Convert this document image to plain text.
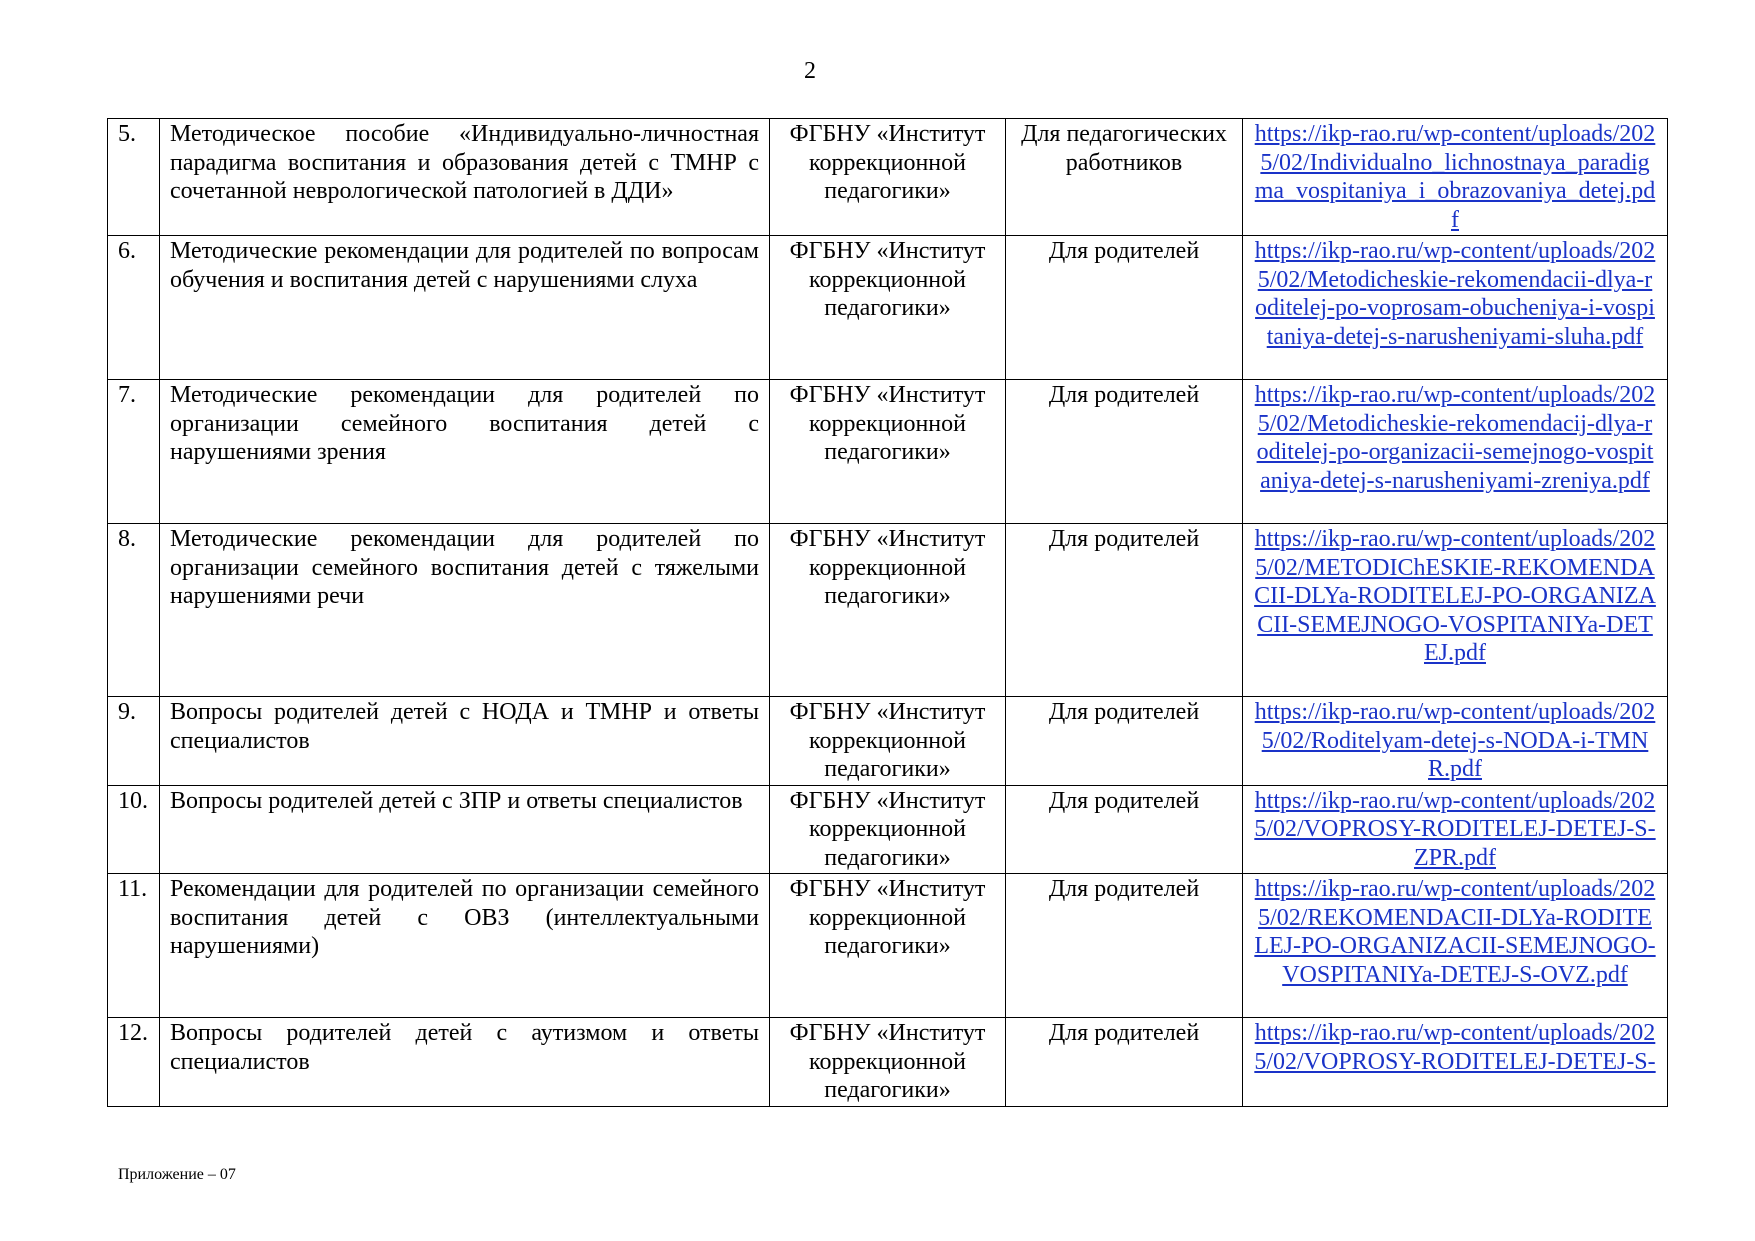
2
5.	Методическое пособие «Индивидуально-личностная парадигма воспитания и образования детей с ТМНР с сочетанной неврологической патологией в ДДИ»	ФГБНУ «Институт коррекционной педагогики»	Для педагогических работников	https://ikp-rao.ru/wp-content/uploads/2025/02/Individualno_lichnostnaya_paradigma_vospitaniya_i_obrazovaniya_detej.pdf
6.	Методические рекомендации для родителей по вопросам обучения и воспитания детей с нарушениями слуха	ФГБНУ «Институт коррекционной педагогики»	Для родителей	https://ikp-rao.ru/wp-content/uploads/2025/02/Metodicheskie-rekomendacii-dlya-roditelej-po-voprosam-obucheniya-i-vospitaniya-detej-s-narusheniyami-sluha.pdf
7.	Методические рекомендации для родителей по организации семейного воспитания детей с нарушениями зрения	ФГБНУ «Институт коррекционной педагогики»	Для родителей	https://ikp-rao.ru/wp-content/uploads/2025/02/Metodicheskie-rekomendacij-dlya-roditelej-po-organizacii-semejnogo-vospitaniya-detej-s-narusheniyami-zreniya.pdf
8.	Методические рекомендации для родителей по организации семейного воспитания детей с тяжелыми нарушениями речи	ФГБНУ «Институт коррекционной педагогики»	Для родителей	https://ikp-rao.ru/wp-content/uploads/2025/02/METODIChESKIE-REKOMENDACII-DLYa-RODITELEJ-PO-ORGANIZACII-SEMEJNOGO-VOSPITANIYa-DETEJ.pdf
9.	Вопросы родителей детей с НОДА и ТМНР и ответы специалистов	ФГБНУ «Институт коррекционной педагогики»	Для родителей	https://ikp-rao.ru/wp-content/uploads/2025/02/Roditelyam-detej-s-NODA-i-TMNR.pdf
10.	Вопросы родителей детей с ЗПР и ответы специалистов	ФГБНУ «Институт коррекционной педагогики»	Для родителей	https://ikp-rao.ru/wp-content/uploads/2025/02/VOPROSY-RODITELEJ-DETEJ-S-ZPR.pdf
11.	Рекомендации для родителей по организации семейного воспитания детей с ОВЗ (интеллектуальными нарушениями)	ФГБНУ «Институт коррекционной педагогики»	Для родителей	https://ikp-rao.ru/wp-content/uploads/2025/02/REKOMENDACII-DLYa-RODITELEJ-PO-ORGANIZACII-SEMEJNOGO-VOSPITANIYa-DETEJ-S-OVZ.pdf
12.	Вопросы родителей детей с аутизмом и ответы специалистов	ФГБНУ «Институт коррекционной педагогики»	Для родителей	https://ikp-rao.ru/wp-content/uploads/2025/02/VOPROSY-RODITELEJ-DETEJ-S-
Приложение – 07
